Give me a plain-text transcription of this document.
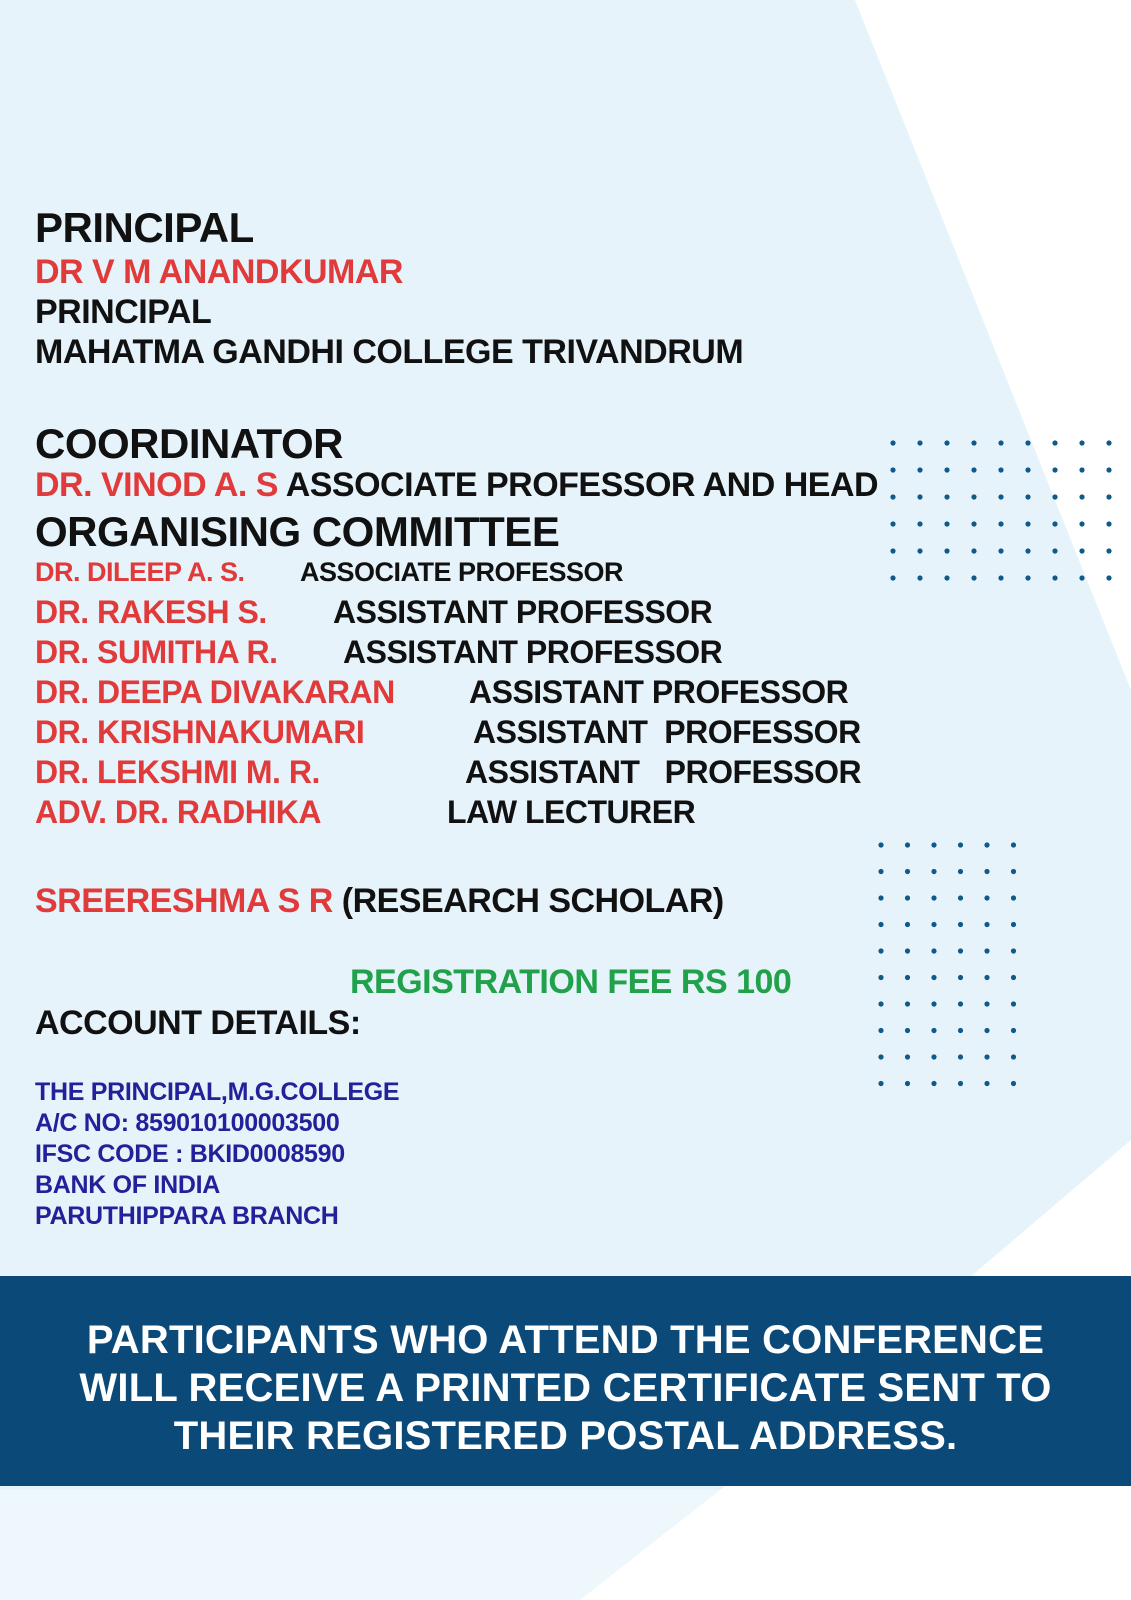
PRINCIPAL
DR V M ANANDKUMAR
PRINCIPAL
MAHATMA GANDHI COLLEGE TRIVANDRUM
COORDINATOR
DR. VINOD A. S ASSOCIATE PROFESSOR AND HEAD
ORGANISING COMMITTEE
DR. DILEEP A. S. ASSOCIATE PROFESSOR
DR. RAKESH S. ASSISTANT PROFESSOR
DR. SUMITHA R. ASSISTANT PROFESSOR
DR. DEEPA DIVAKARAN ASSISTANT PROFESSOR
DR. KRISHNAKUMARI	ASSISTANT  PROFESSOR
DR. LEKSHMI M. R.	ASSISTANT   PROFESSOR
ADV. DR. RADHIKA	LAW LECTURER
SREERESHMA S R (RESEARCH SCHOLAR)
REGISTRATION FEE RS 100
ACCOUNT DETAILS:
THE PRINCIPAL,M.G.COLLEGE
A/C NO: 859010100003500
IFSC CODE : BKID0008590
BANK OF INDIA
PARUTHIPPARA BRANCH
PARTICIPANTS WHO ATTEND THE CONFERENCE
WILL RECEIVE A PRINTED CERTIFICATE SENT TO
THEIR REGISTERED POSTAL ADDRESS.
